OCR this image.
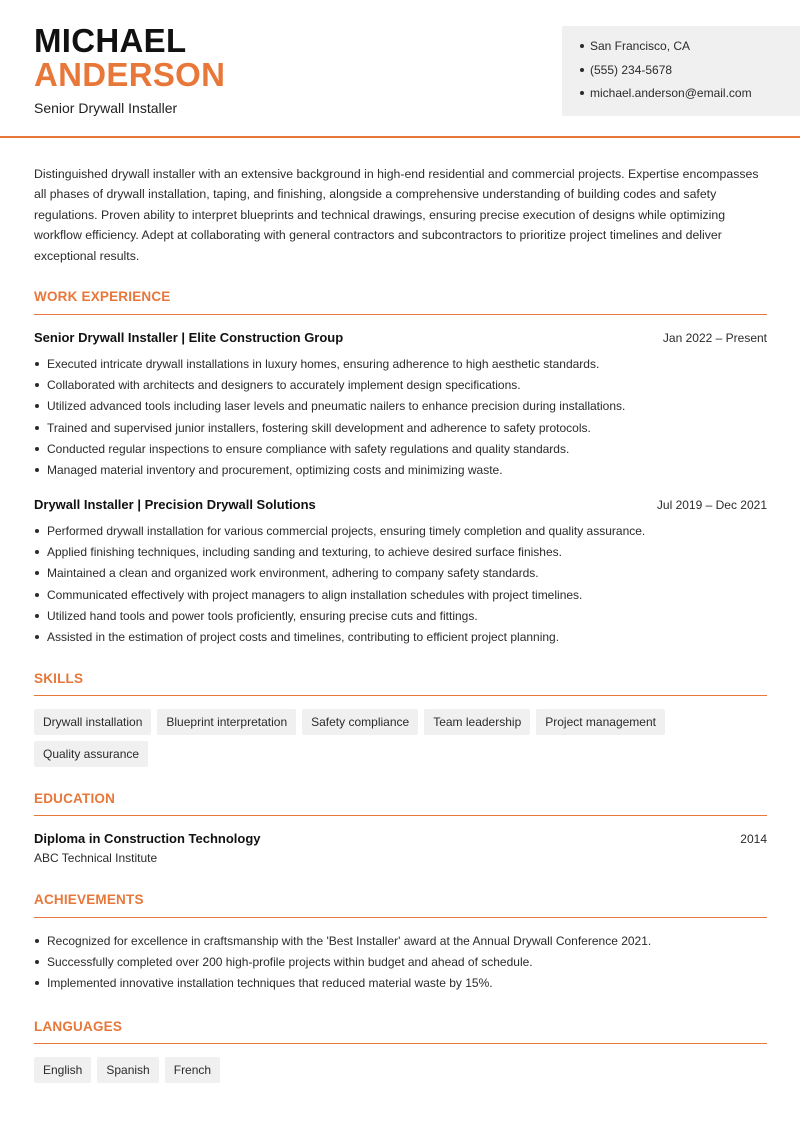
MICHAEL
ANDERSON
Senior Drywall Installer
San Francisco, CA
(555) 234-5678
michael.anderson@email.com

Distinguished drywall installer with an extensive background in high-end residential and commercial projects. Expertise encompasses all phases of drywall installation, taping, and finishing, alongside a comprehensive understanding of building codes and safety regulations. Proven ability to interpret blueprints and technical drawings, ensuring precise execution of designs while optimizing workflow efficiency. Adept at collaborating with general contractors and subcontractors to prioritize project timelines and deliver exceptional results.

WORK EXPERIENCE
Senior Drywall Installer | Elite Construction Group	Jan 2022 – Present
Executed intricate drywall installations in luxury homes, ensuring adherence to high aesthetic standards.
Collaborated with architects and designers to accurately implement design specifications.
Utilized advanced tools including laser levels and pneumatic nailers to enhance precision during installations.
Trained and supervised junior installers, fostering skill development and adherence to safety protocols.
Conducted regular inspections to ensure compliance with safety regulations and quality standards.
Managed material inventory and procurement, optimizing costs and minimizing waste.
Drywall Installer | Precision Drywall Solutions	Jul 2019 – Dec 2021
Performed drywall installation for various commercial projects, ensuring timely completion and quality assurance.
Applied finishing techniques, including sanding and texturing, to achieve desired surface finishes.
Maintained a clean and organized work environment, adhering to company safety standards.
Communicated effectively with project managers to align installation schedules with project timelines.
Utilized hand tools and power tools proficiently, ensuring precise cuts and fittings.
Assisted in the estimation of project costs and timelines, contributing to efficient project planning.
SKILLS
Drywall installation	Blueprint interpretation	Safety compliance	Team leadership	Project management
Quality assurance
EDUCATION
Diploma in Construction Technology	2014
ABC Technical Institute
ACHIEVEMENTS
Recognized for excellence in craftsmanship with the 'Best Installer' award at the Annual Drywall Conference 2021.
Successfully completed over 200 high-profile projects within budget and ahead of schedule.
Implemented innovative installation techniques that reduced material waste by 15%.
LANGUAGES
English	Spanish	French
